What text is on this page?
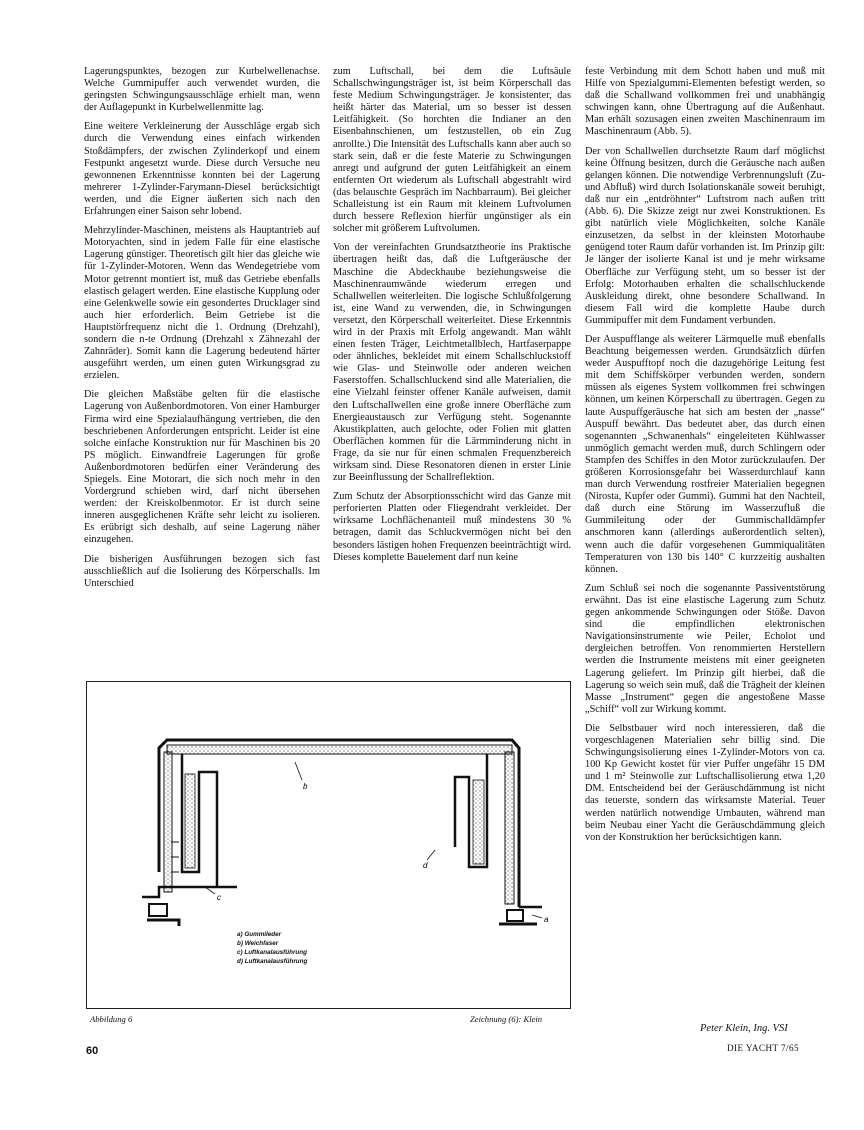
Lagerungspunktes, bezogen zur Kurbelwellenachse. Welche Gummipuffer auch verwendet wurden, die geringsten Schwingungsausschläge erhielt man, wenn der Auflagepunkt in Kurbelwellenmitte lag.

Eine weitere Verkleinerung der Ausschläge ergab sich durch die Verwendung eines einfach wirkenden Stoßdämpfers, der zwischen Zylinderkopf und einem Festpunkt angesetzt wurde. Diese durch Versuche neu gewonnenen Erkenntnisse konnten bei der Lagerung mehrerer 1-Zylinder-Farymann-Diesel berücksichtigt werden, und die Eigner äußerten sich nach den Erfahrungen einer Saison sehr lobend.

Mehrzylinder-Maschinen, meistens als Hauptantrieb auf Motoryachten, sind in jedem Falle für eine elastische Lagerung günstiger. Theoretisch gilt hier das gleiche wie für 1-Zylinder-Motoren. Wenn das Wendegetriebe vom Motor getrennt montiert ist, muß das Getriebe ebenfalls elastisch gelagert werden. Eine elastische Kupplung oder eine Gelenkwelle sowie ein gesondertes Drucklager sind auch hier erforderlich. Beim Getriebe ist die Hauptstörfrequenz nicht die 1. Ordnung (Drehzahl), sondern die n-te Ordnung (Drehzahl x Zähnezahl der Zahnräder). Somit kann die Lagerung bedeutend härter ausgeführt werden, um einen guten Wirkungsgrad zu erzielen.

Die gleichen Maßstäbe gelten für die elastische Lagerung von Außenbordmotoren. Von einer Hamburger Firma wird eine Spezialaufhängung vertrieben, die den beschriebenen Anforderungen entspricht. Leider ist eine solche einfache Konstruktion nur für Maschinen bis 20 PS möglich. Einwandfreie Lagerungen für große Außenbordmotoren bedürfen einer Veränderung des Spiegels. Eine Motorart, die sich noch mehr in den Vordergrund schieben wird, darf nicht übersehen werden: der Kreiskolbenmotor. Er ist durch seine inneren ausgeglichenen Kräfte sehr leicht zu isolieren. Es erübrigt sich deshalb, auf seine Lagerung näher einzugehen.

Die bisherigen Ausführungen bezogen sich fast ausschließlich auf die Isolierung des Körperschalls. Im Unterschied

zum Luftschall, bei dem die Luftsäule Schallschwingungsträger ist, ist beim Körperschall das feste Medium Schwingungsträger. Je konsistenter, das heißt härter das Material, um so besser ist dessen Leitfähigkeit. (So horchten die Indianer an den Eisenbahnschienen, um festzustellen, ob ein Zug anrollte.) Die Intensität des Luftschalls kann aber auch so stark sein, daß er die feste Materie zu Schwingungen anregt und aufgrund der guten Leitfähigkeit an einem entfernten Ort wiederum als Luftschall abgestrahlt wird (das belauschte Gespräch im Nachbarraum). Bei gleicher Schalleistung ist ein Raum mit kleinem Luftvolumen durch bessere Reflexion hierfür ungünstiger als ein solcher mit größerem Luftvolumen.

Von der vereinfachten Grundsatztheorie ins Praktische übertragen heißt das, daß die Luftgeräusche der Maschine die Abdeckhaube beziehungsweise die Maschinenraumwände wiederum erregen und Schallwellen weiterleiten. Die logische Schlußfolgerung ist, eine Wand zu verwenden, die, in Schwingungen versetzt, den Körperschall weiterleitet. Diese Erkenntnis wird in der Praxis mit Erfolg angewandt. Man wählt einen festen Träger, Leichtmetallblech, Hartfaserpappe oder ähnliches, bekleidet mit einem Schallschluckstoff wie Glas- und Steinwolle oder anderen weichen Faserstoffen. Schallschluckend sind alle Materialien, die eine Vielzahl feinster offener Kanäle aufweisen, damit den Luftschallwellen eine große innere Oberfläche zum Energieaustausch zur Verfügung steht. Sogenannte Akustikplatten, auch gelochte, oder Folien mit glatten Oberflächen kommen für die Lärmminderung nicht in Frage, da sie nur für einen schmalen Frequenzbereich wirksam sind. Diese Resonatoren dienen in erster Linie zur Beeinflussung der Schallreflektion.

Zum Schutz der Absorptionsschicht wird das Ganze mit perforierten Platten oder Fliegendraht verkleidet. Der wirksame Lochflächenanteil muß mindestens 30 % betragen, damit das Schluckvermögen nicht bei den besonders lästigen hohen Frequenzen beeinträchtigt wird. Dieses komplette Bauelement darf nun keine

feste Verbindung mit dem Schott haben und muß mit Hilfe von Spezialgummi-Elementen befestigt werden, so daß die Schallwand vollkommen frei und unabhängig schwingen kann, ohne Übertragung auf die Außenhaut. Man erhält sozusagen einen zweiten Maschinenraum im Maschinenraum (Abb. 5).

Der von Schallwellen durchsetzte Raum darf möglichst keine Öffnung besitzen, durch die Geräusche nach außen gelangen können. Die notwendige Verbrennungsluft (Zu- und Abfluß) wird durch Isolationskanäle soweit beruhigt, daß nur ein „entdröhnter“ Luftstrom nach außen tritt (Abb. 6). Die Skizze zeigt nur zwei Konstruktionen. Es gibt natürlich viele Möglichkeiten, solche Kanäle einzusetzen, da selbst in der kleinsten Motorhaube genügend toter Raum dafür vorhanden ist. Im Prinzip gilt: Je länger der isolierte Kanal ist und je mehr wirksame Oberfläche zur Verfügung steht, um so besser ist der Erfolg: Motorhauben erhalten die schallschluckende Auskleidung direkt, ohne besondere Schallwand. In diesem Fall wird die komplette Haube durch Gummipuffer mit dem Fundament verbunden.

Der Auspufflange als weiterer Lärmquelle muß ebenfalls Beachtung beigemessen werden. Grundsätzlich dürfen weder Auspufftopf noch die dazugehörige Leitung fest mit dem Schiffskörper verbunden werden, sondern müssen als eigenes System vollkommen frei schwingen können, um keinen Körperschall zu übertragen. Gegen zu laute Auspuffgeräusche hat sich am besten der „nasse“ Auspuff bewährt. Das bedeutet aber, das durch einen sogenannten „Schwanenhals“ eingeleiteten Kühlwasser unmöglich gemacht werden muß, durch Schlingern oder Stampfen des Schiffes in den Motor zurückzulaufen. Der größeren Korrosionsgefahr bei Wasserdurchlauf kann man durch Verwendung rostfreier Materialien begegnen (Nirosta, Kupfer oder Gummi). Gummi hat den Nachteil, daß durch eine Störung im Wasserzufluß die Gummileitung oder der Gummischalldämpfer anschmoren kann (allerdings außerordentlich selten), wenn auch die dafür vorgesehenen Gummiqualitäten Temperaturen von 130 bis 140° C kurzzeitig aushalten können.

Zum Schluß sei noch die sogenannte Passiventstörung erwähnt. Das ist eine elastische Lagerung zum Schutz gegen ankommende Schwingungen oder Stöße. Davon sind die empfindlichen elektronischen Navigationsinstrumente wie Peiler, Echolot und dergleichen betroffen. Von renommierten Herstellern werden die Instrumente meistens mit einer geeigneten Lagerung geliefert. Im Prinzip gilt hierbei, daß die Lagerung so weich sein muß, daß die Trägheit der kleinen Masse „Instrument“ gegen die angestoßene Masse „Schiff“ voll zur Wirkung kommt.

Die Selbstbauer wird noch interessieren, daß die vorgeschlagenen Materialien sehr billig sind. Die Schwingungsisolierung eines 1-Zylinder-Motors von ca. 100 Kp Gewicht kostet für vier Puffer ungefähr 15 DM und 1 m² Steinwolle zur Luftschallisolierung etwa 1,20 DM. Entscheidend bei der Geräuschdämmung ist nicht das teuerste, sondern das wirksamste Material. Teuer werden natürlich notwendige Umbauten, während man beim Neubau einer Yacht die Geräuschdämmung gleich von der Konstruktion her berücksichtigen kann.

a
b
c
d
a) Gummileder
b) Weichfaser
c) Luftkanalausführung
d) Luftkanalausführung
Abbildung 6	Zeichnung (6): Klein
Peter Klein, Ing. VSI
60	DIE YACHT 7/65
